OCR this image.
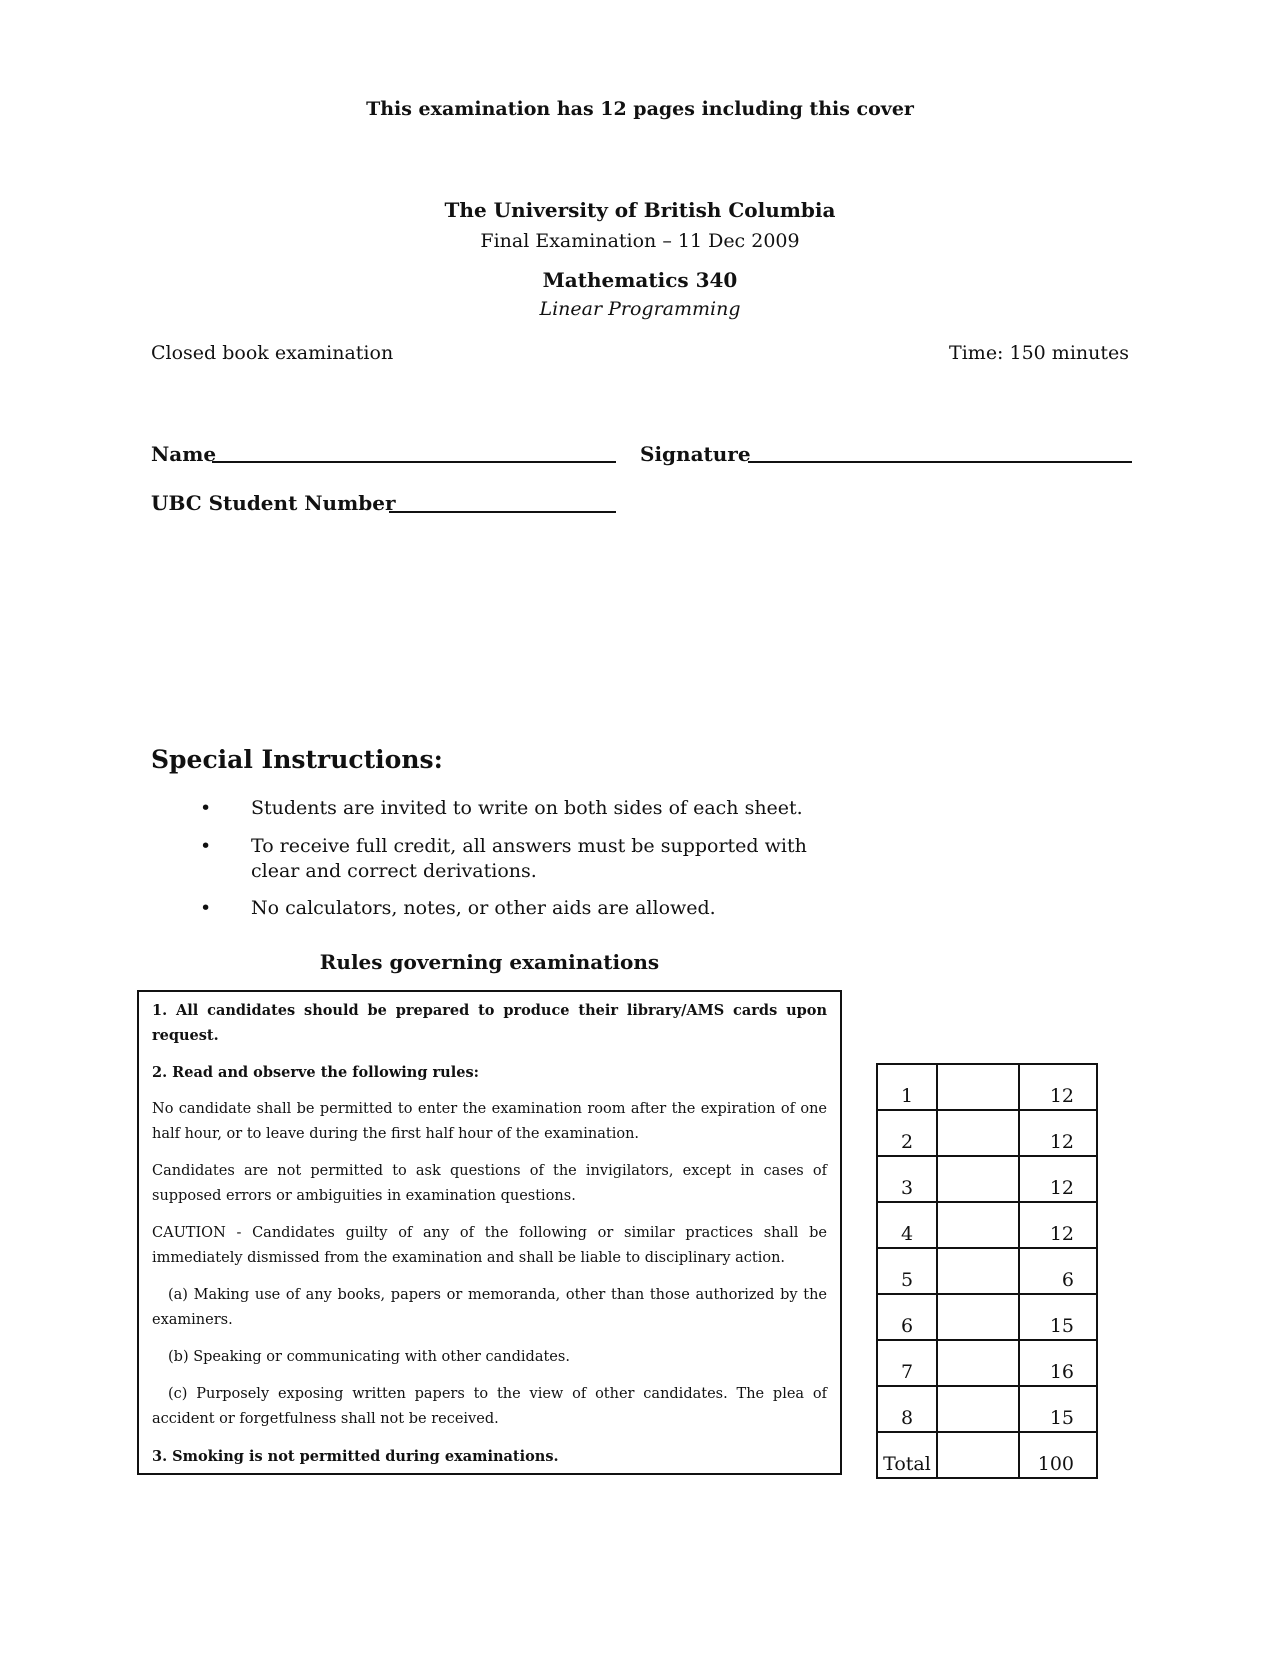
This examination has 12 pages including this cover
The University of British Columbia
Final Examination – 11 Dec 2009
Mathematics 340
Linear Programming
Closed book examination	Time: 150 minutes
Name	Signature
UBC Student Number
Special Instructions:
• Students are invited to write on both sides of each sheet.
• To receive full credit, all answers must be supported with clear and correct derivations.
• No calculators, notes, or other aids are allowed.
Rules governing examinations

1. All candidates should be prepared to produce their library/AMS cards upon request.

2. Read and observe the following rules:

No candidate shall be permitted to enter the examination room after the expiration of one half hour, or to leave during the first half hour of the examination.

Candidates are not permitted to ask questions of the invigilators, except in cases of supposed errors or ambiguities in examination questions.

CAUTION - Candidates guilty of any of the following or similar practices shall be immediately dismissed from the examination and shall be liable to disciplinary action.

(a) Making use of any books, papers or memoranda, other than those authorized by the examiners.

(b) Speaking or communicating with other candidates.

(c) Purposely exposing written papers to the view of other candidates. The plea of accident or forgetfulness shall not be received.

3. Smoking is not permitted during examinations.

1		12
2		12
3		12
4		12
5		6
6		15
7		16
8		15
Total		100
